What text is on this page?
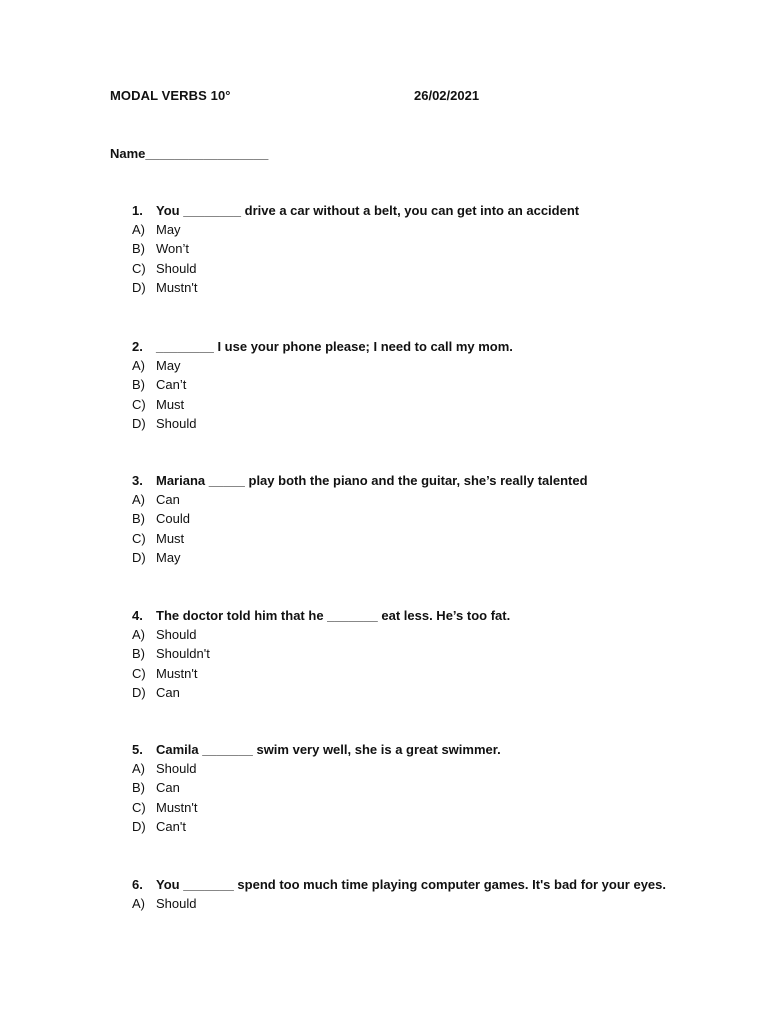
MODAL VERBS 10°	26/02/2021
Name_________________
1.	You ________ drive a car without a belt, you can get into an accident
A) May
B) Won’t
C) Should
D) Mustn't
2.	________ I use your phone please; I need to call my mom.
A) May
B) Can’t
C) Must
D) Should
3.	Mariana _____ play both the piano and the guitar, she’s really talented
A) Can
B) Could
C) Must
D) May
4.	The doctor told him that he _______ eat less. He’s too fat.
A) Should
B) Shouldn't
C) Mustn't
D) Can
5.	Camila _______ swim very well, she is a great swimmer.
A) Should
B) Can
C) Mustn't
D) Can't
6.	You _______ spend too much time playing computer games. It's bad for your eyes.
A) Should
